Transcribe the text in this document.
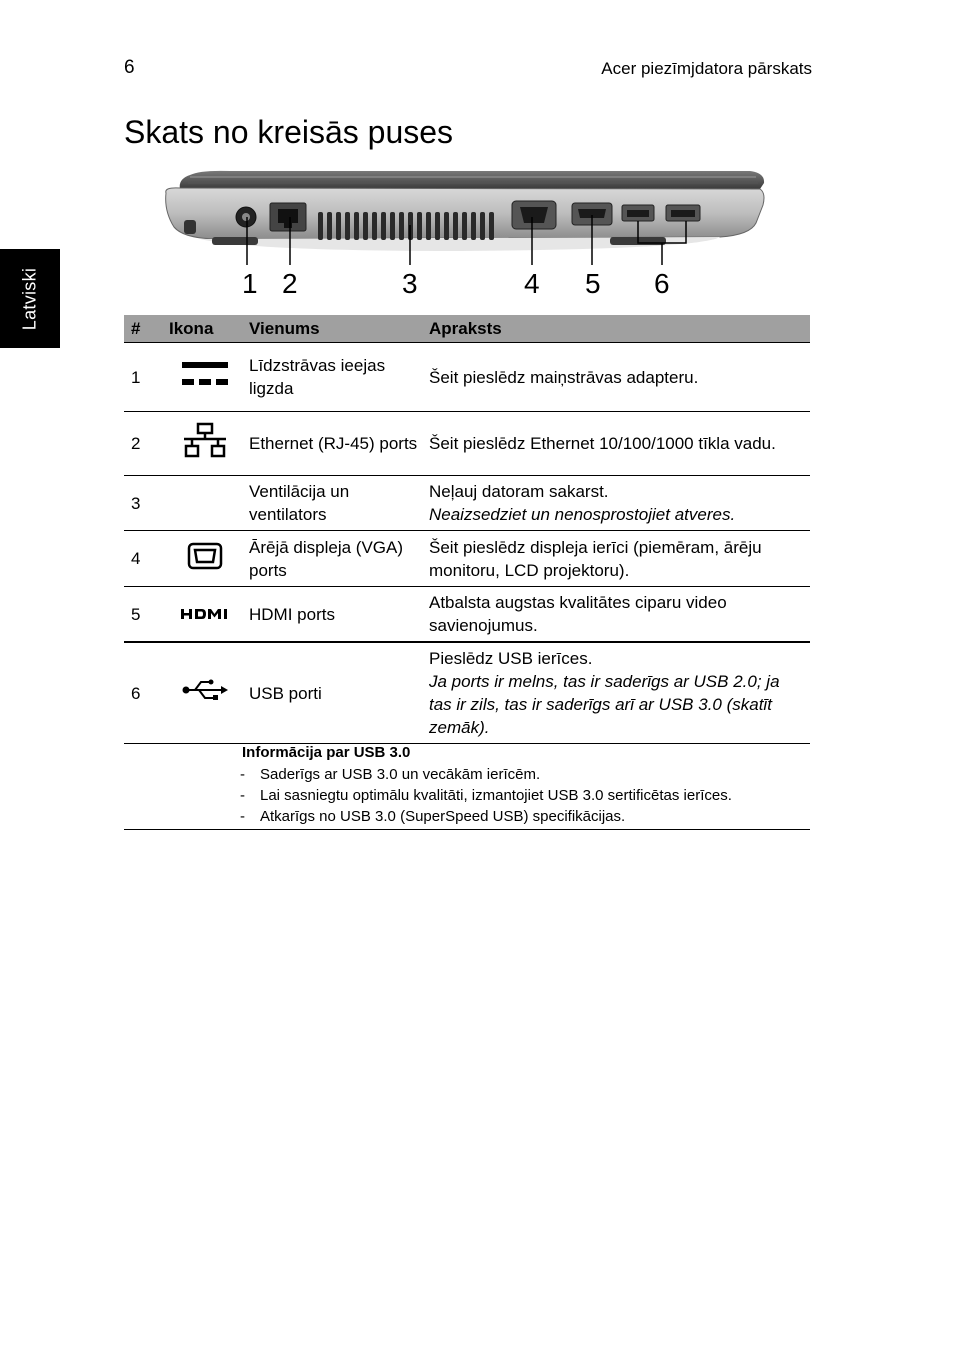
6	Acer piezīmjdatora pārskats
Latviski
Skats no kreisās puses
1 2	3	4 5 6
#	Ikona	Vienums	Apraksts
1		Līdzstrāvas ieejas ligzda	Šeit pieslēdz maiņstrāvas adapteru.
2		Ethernet (RJ-45) ports	Šeit pieslēdz Ethernet 10/100/1000 tīkla vadu.
3		Ventilācija un ventilators	Neļauj datoram sakarst.
Neaizsedziet un nenosprostojiet atveres.

4		Ārējā displeja (VGA) ports	Šeit pieslēdz displeja ierīci (piemēram, ārēju monitoru, LCD projektoru).
5		HDMI ports	Atbalsta augstas kvalitātes ciparu video savienojumus.
6		USB porti	Pieslēdz USB ierīces.
Ja ports ir melns, tas ir saderīgs ar USB 2.0; ja tas ir zils, tas ir saderīgs arī ar USB 3.0 (skatīt zemāk).
Informācija par USB 3.0
- Saderīgs ar USB 3.0 un vecākām ierīcēm.
- Lai sasniegtu optimālu kvalitāti, izmantojiet USB 3.0 sertificētas ierīces.
- Atkarīgs no USB 3.0 (SuperSpeed USB) specifikācijas.
